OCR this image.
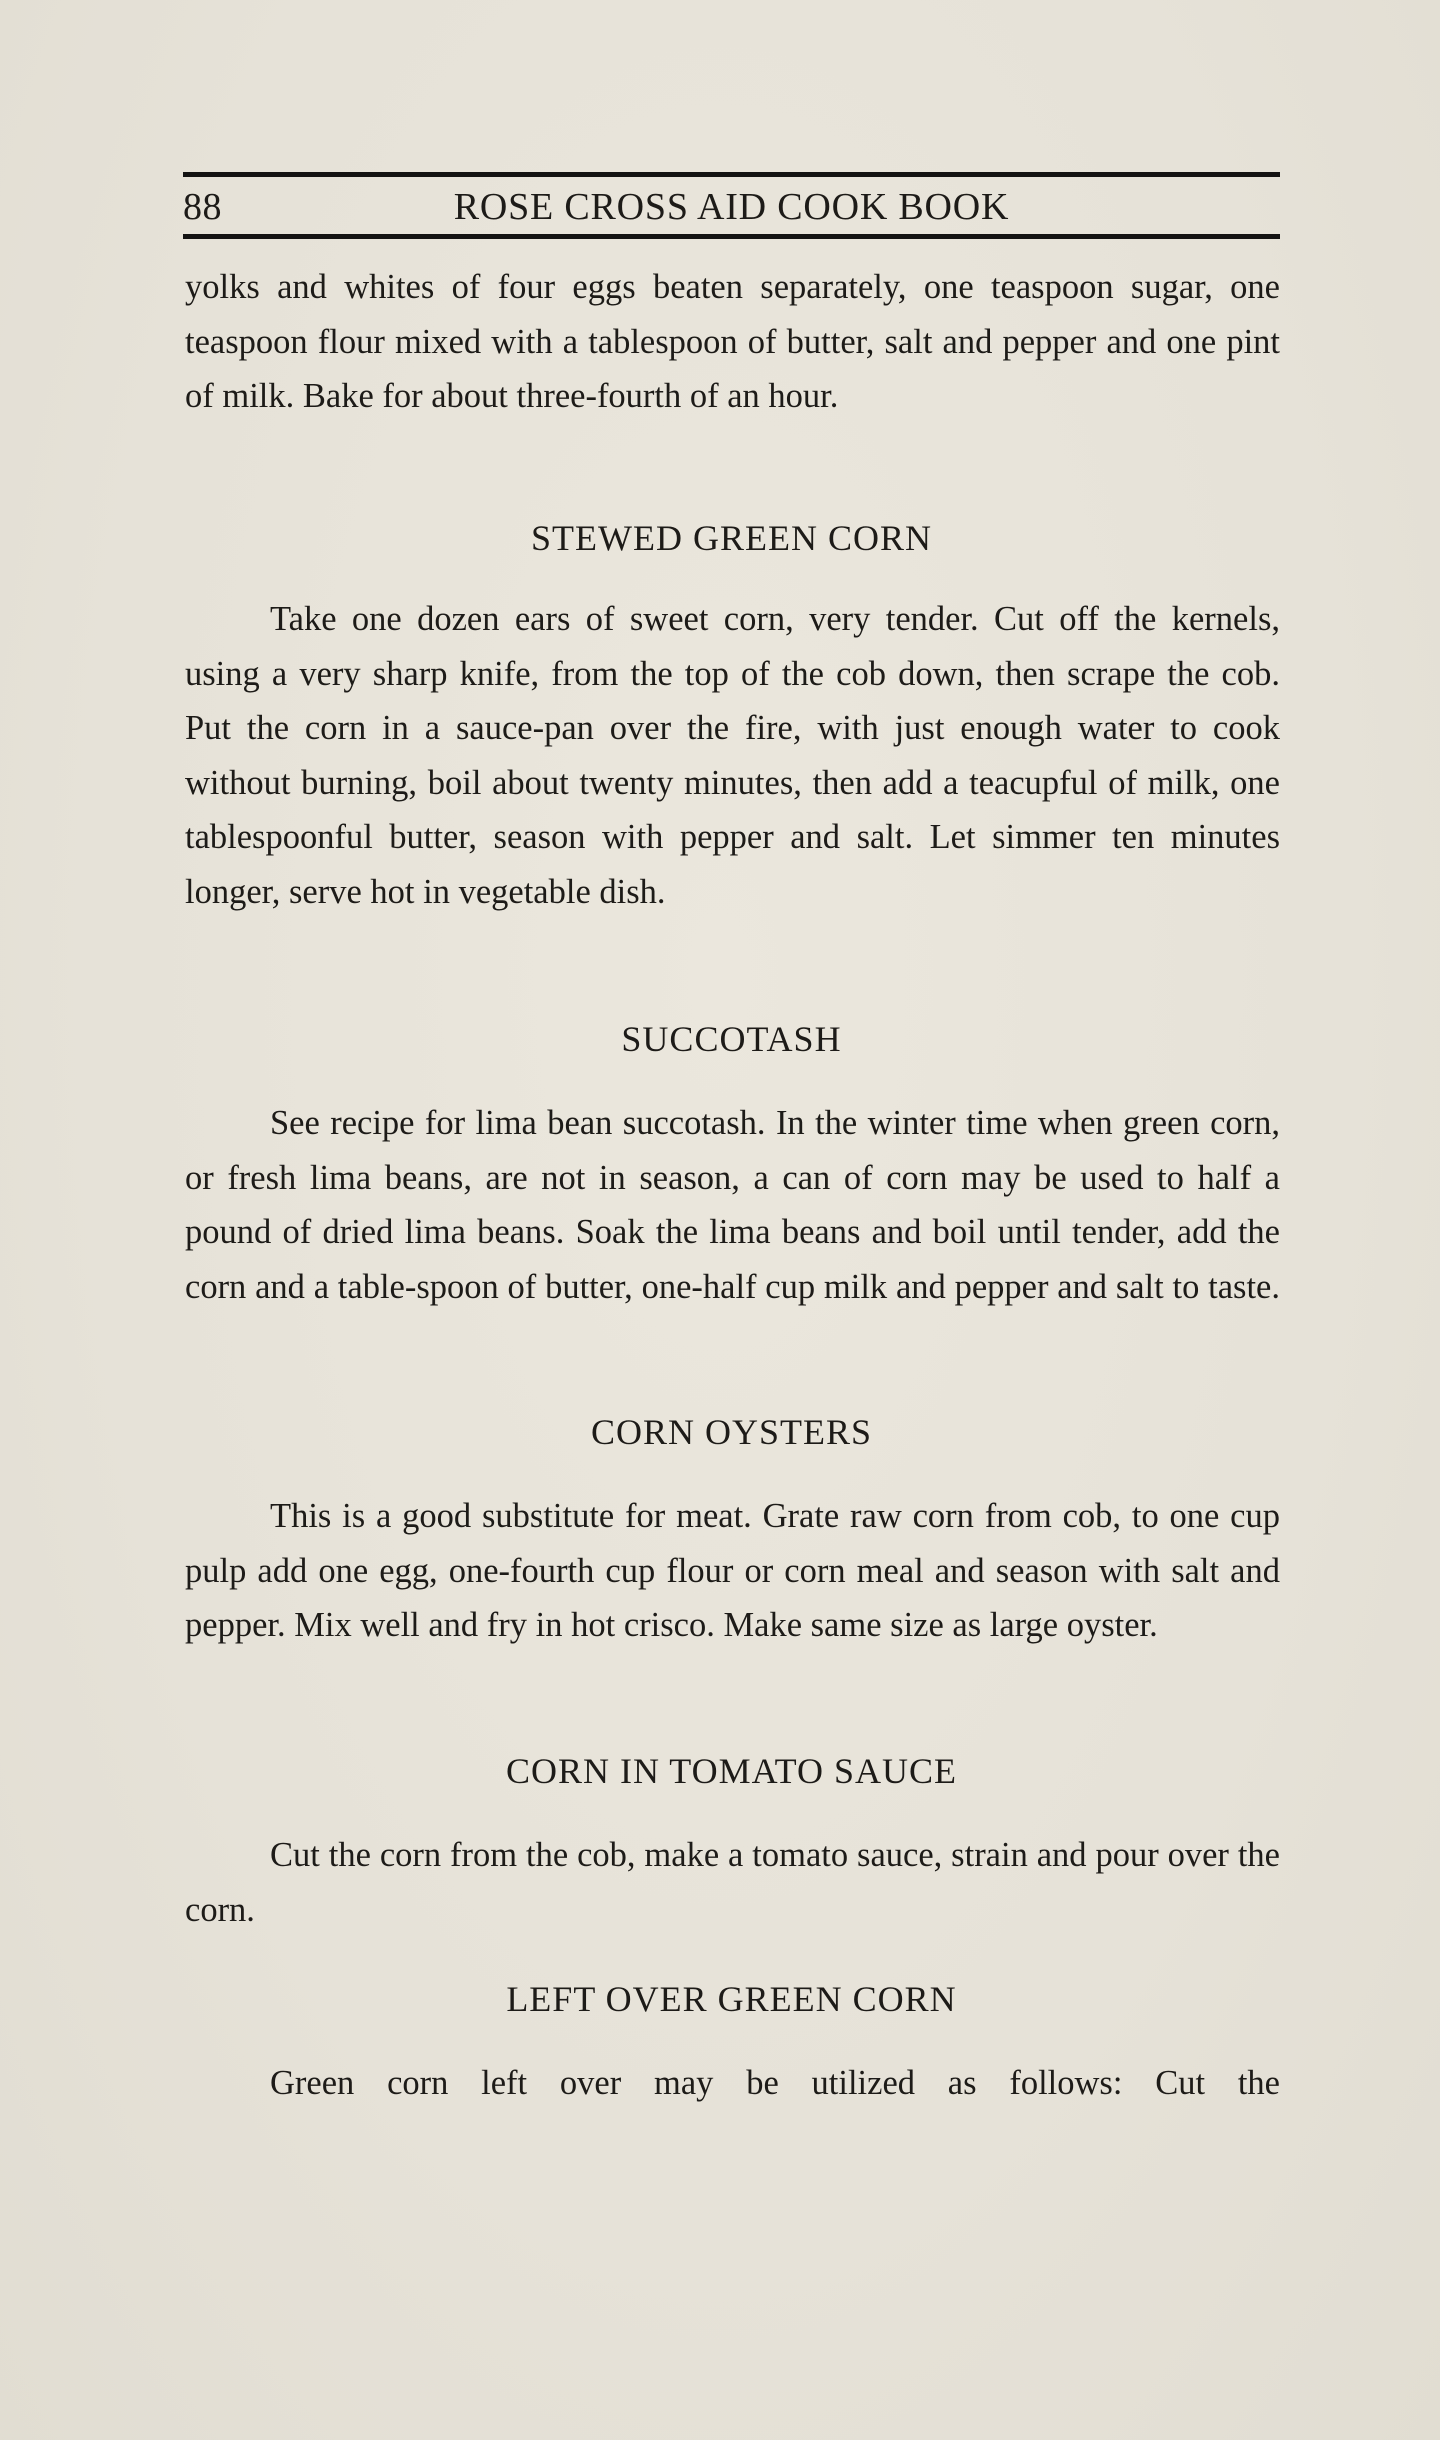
88	ROSE CROSS AID COOK BOOK

yolks and whites of four eggs beaten separately, one teaspoon sugar, one teaspoon flour mixed with a tablespoon of butter, salt and pepper and one pint of milk. Bake for about three-fourth of an hour.

STEWED GREEN CORN

Take one dozen ears of sweet corn, very tender. Cut off the kernels, using a very sharp knife, from the top of the cob down, then scrape the cob. Put the corn in a sauce-pan over the fire, with just enough water to cook without burning, boil about twenty minutes, then add a teacupful of milk, one tablespoonful butter, season with pepper and salt. Let simmer ten minutes longer, serve hot in vegetable dish.

SUCCOTASH

See recipe for lima bean succotash. In the winter time when green corn, or fresh lima beans, are not in season, a can of corn may be used to half a pound of dried lima beans. Soak the lima beans and boil until tender, add the corn and a table-spoon of butter, one-half cup milk and pepper and salt to taste.

CORN OYSTERS

This is a good substitute for meat. Grate raw corn from cob, to one cup pulp add one egg, one-fourth cup flour or corn meal and season with salt and pepper. Mix well and fry in hot crisco. Make same size as large oyster.

CORN IN TOMATO SAUCE

Cut the corn from the cob, make a tomato sauce, strain and pour over the corn.

LEFT OVER GREEN CORN

Green corn left over may be utilized as follows: Cut the
